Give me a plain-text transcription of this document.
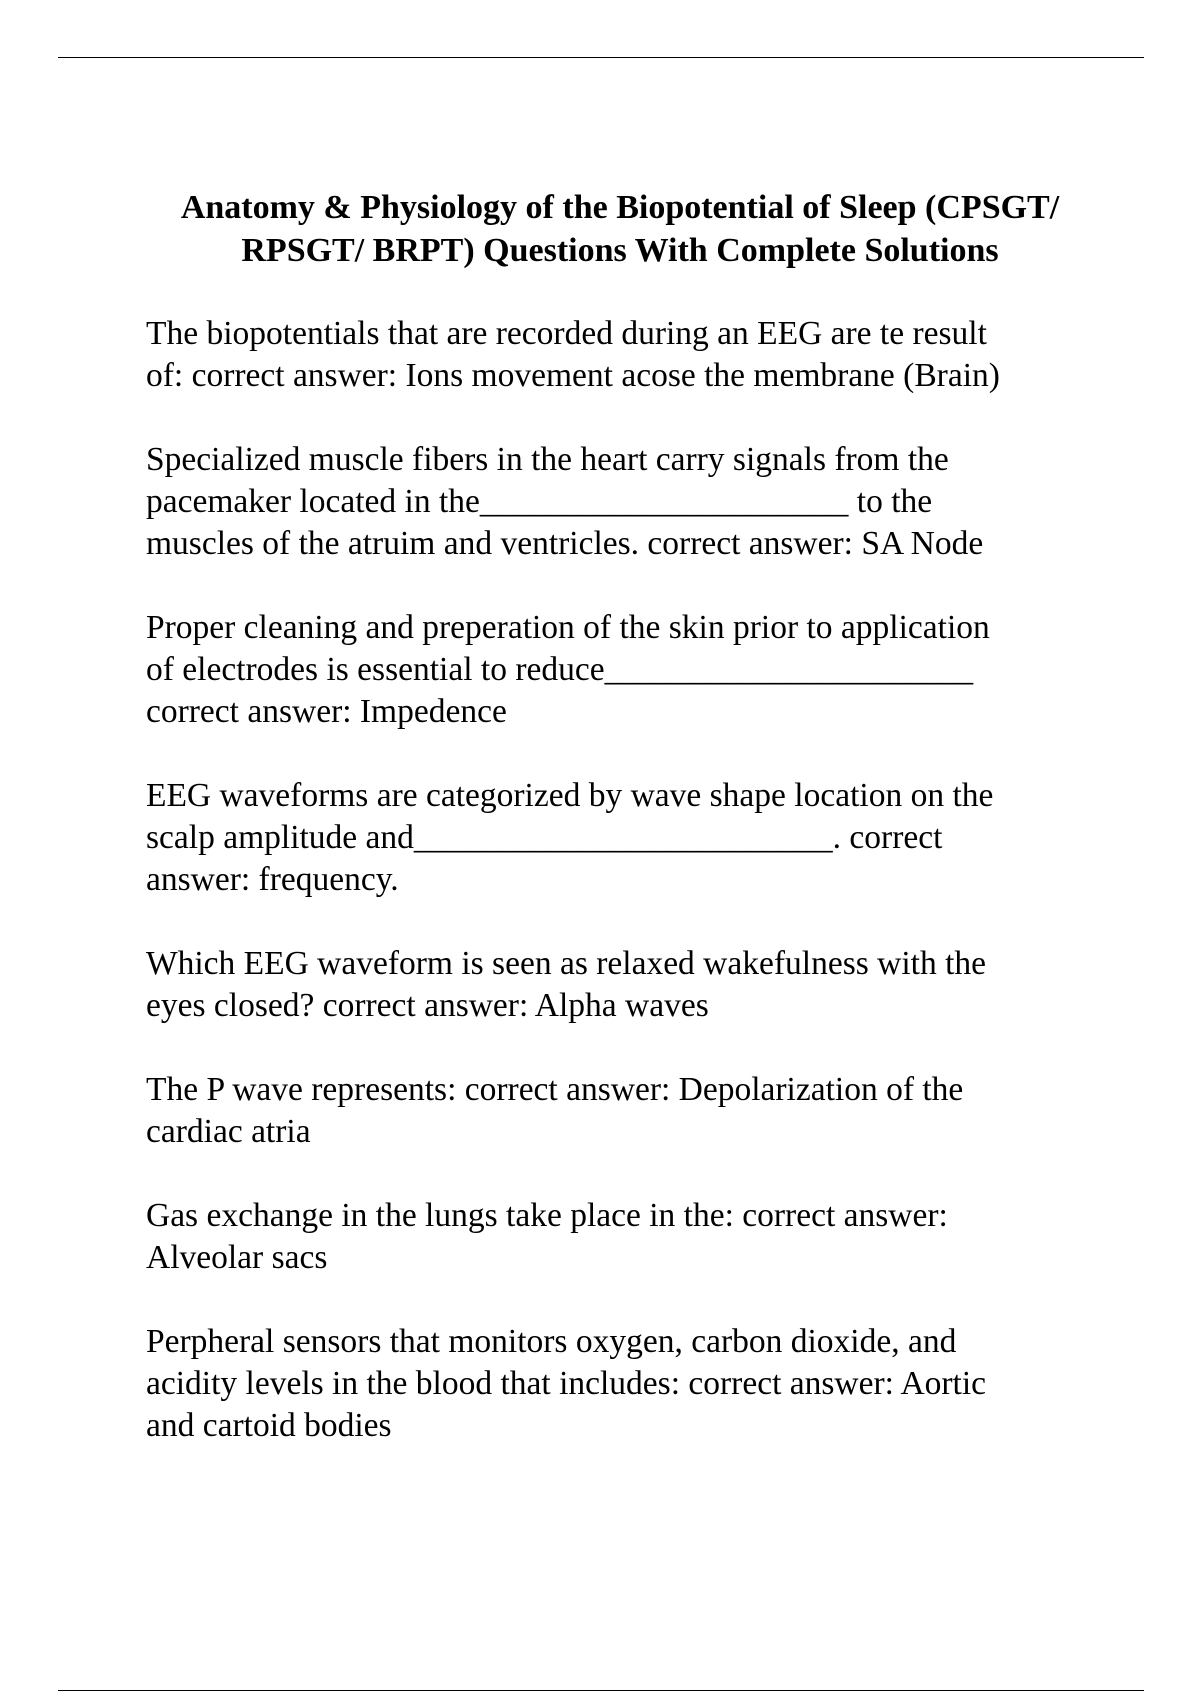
Anatomy & Physiology of the Biopotential of Sleep (CPSGT/
RPSGT/ BRPT) Questions With Complete Solutions

The biopotentials that are recorded during an EEG are te result
of: correct answer: Ions movement acose the membrane (Brain)

Specialized muscle fibers in the heart carry signals from the
pacemaker located in the______________________ to the
muscles of the atruim and ventricles. correct answer: SA Node

Proper cleaning and preperation of the skin prior to application
of electrodes is essential to reduce______________________
correct answer: Impedence

EEG waveforms are categorized by wave shape location on the
scalp amplitude and_________________________. correct
answer: frequency.

Which EEG waveform is seen as relaxed wakefulness with the
eyes closed? correct answer: Alpha waves

The P wave represents: correct answer: Depolarization of the
cardiac atria

Gas exchange in the lungs take place in the: correct answer:
Alveolar sacs

Perpheral sensors that monitors oxygen, carbon dioxide, and
acidity levels in the blood that includes: correct answer: Aortic
and cartoid bodies
